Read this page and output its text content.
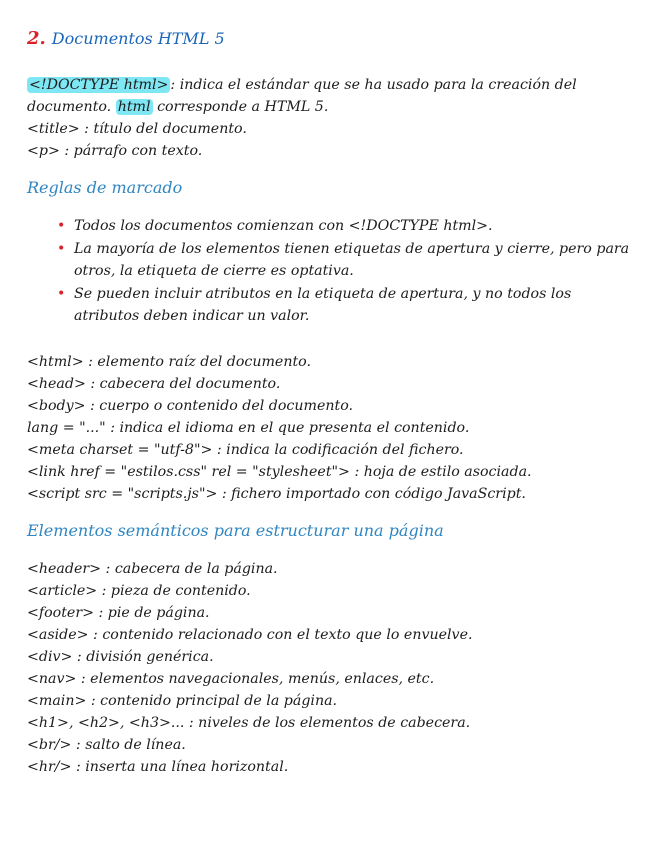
2. Documentos HTML 5
<!DOCTYPE html> : indica el estándar que se ha usado para la creación del documento. html corresponde a HTML 5.
<title> : título del documento.
<p> : párrafo con texto.
Reglas de marcado
• Todos los documentos comienzan con <!DOCTYPE html>.
• La mayoría de los elementos tienen etiquetas de apertura y cierre, pero para otros, la etiqueta de cierre es optativa.
• Se pueden incluir atributos en la etiqueta de apertura, y no todos los atributos deben indicar un valor.
<html> : elemento raíz del documento.
<head> : cabecera del documento.
<body> : cuerpo o contenido del documento.
lang = "..." : indica el idioma en el que presenta el contenido.
<meta charset = "utf-8"> : indica la codificación del fichero.
<link href = "estilos.css" rel = "stylesheet"> : hoja de estilo asociada.
<script src = "scripts.js"> : fichero importado con código JavaScript.
Elementos semánticos para estructurar una página
<header> : cabecera de la página.
<article> : pieza de contenido.
<footer> : pie de página.
<aside> : contenido relacionado con el texto que lo envuelve.
<div> : división genérica.
<nav> : elementos navegacionales, menús, enlaces, etc.
<main> : contenido principal de la página.
<h1>, <h2>, <h3>... : niveles de los elementos de cabecera.
<br/> : salto de línea.
<hr/> : inserta una línea horizontal.
